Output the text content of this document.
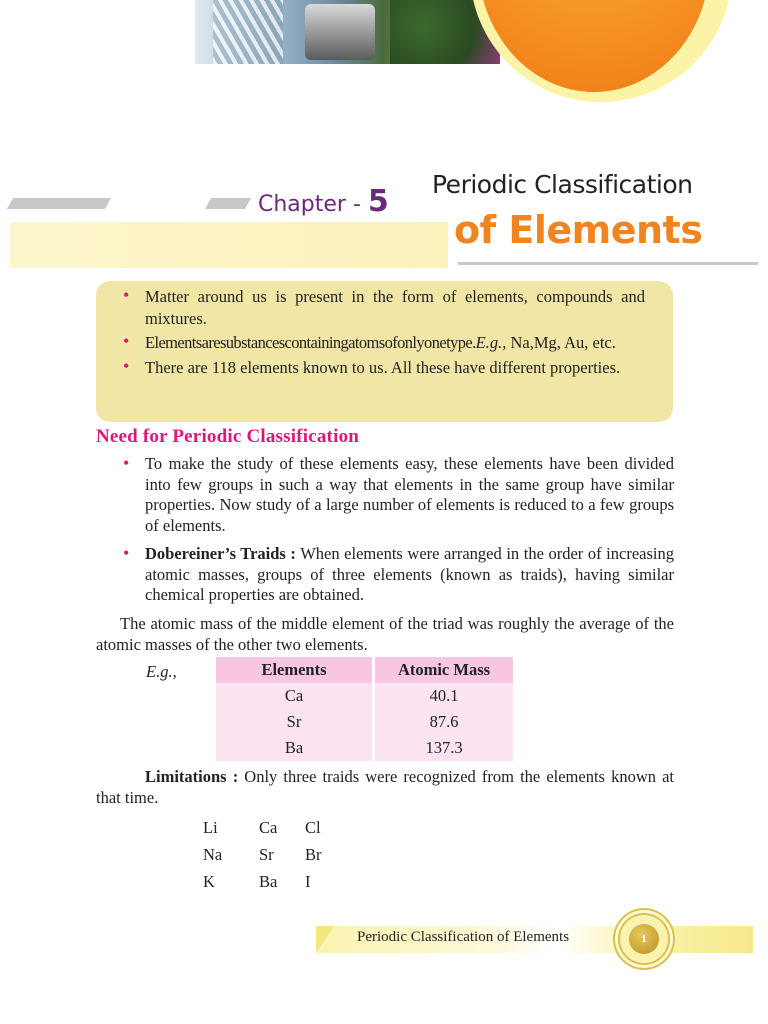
Chapter - 5 Periodic Classification
of Elements
• Matter around us is present in the form of elements, compounds and mixtures.
• Elementsaresubstancescontainingatomsofonlyonetype.E.g., Na,Mg, Au, etc.
• There are 118 elements known to us. All these have different properties.
Need for Periodic Classification
• To make the study of these elements easy, these elements have been divided into few groups in such a way that elements in the same group have similar properties. Now study of a large number of elements is reduced to a few groups of elements.
• Dobereiner’s Traids : When elements were arranged in the order of increasing atomic masses, groups of three elements (known as traids), having similar chemical properties are obtained.
The atomic mass of the middle element of the triad was roughly the average of the atomic masses of the other two elements.
E.g.,	Elements	Atomic Mass
Ca	40.1
Sr	87.6
Ba	137.3
Limitations : Only three traids were recognized from the elements known at that time.
Li	Ca	Cl
Na	Sr	Br
K	Ba	I
Periodic Classification of Elements	1
